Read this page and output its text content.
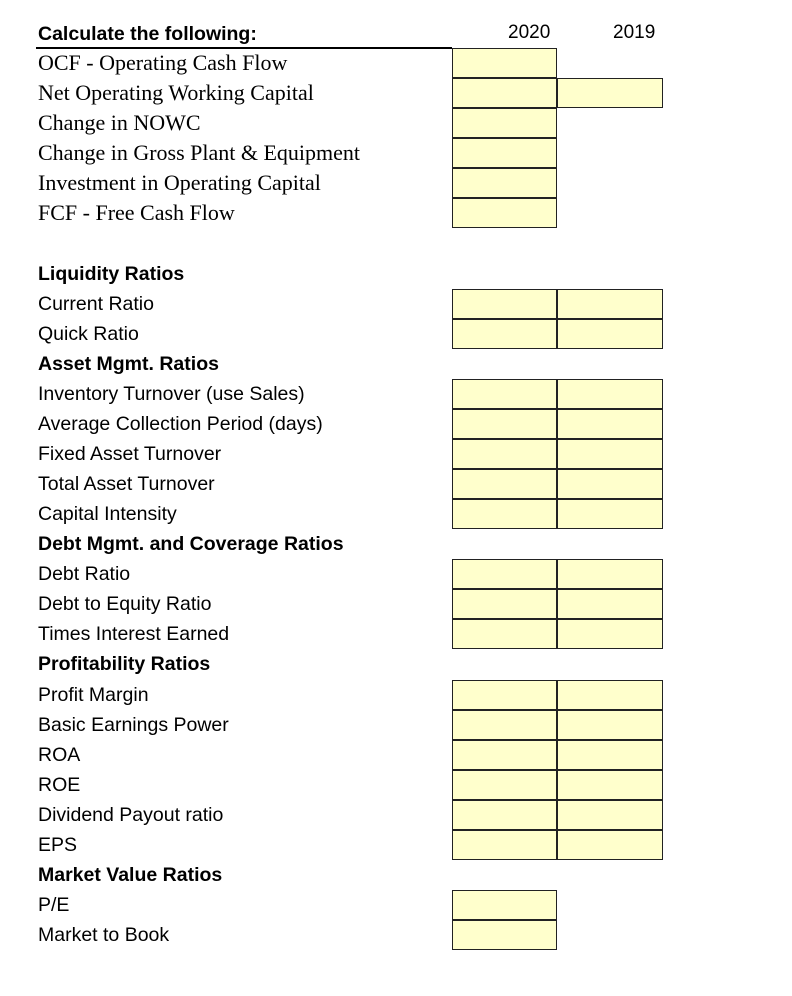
Calculate the following:	2020	2019
OCF - Operating Cash Flow
Net Operating Working Capital
Change in NOWC
Change in Gross Plant & Equipment
Investment in Operating Capital
FCF - Free Cash Flow
Liquidity Ratios
Current Ratio
Quick Ratio
Asset Mgmt. Ratios
Inventory Turnover (use Sales)
Average Collection Period (days)
Fixed Asset Turnover
Total Asset Turnover
Capital Intensity
Debt Mgmt. and Coverage Ratios
Debt Ratio
Debt to Equity Ratio
Times Interest Earned
Profitability Ratios
Profit Margin
Basic Earnings Power
ROA
ROE
Dividend Payout ratio
EPS
Market Value Ratios
P/E
Market to Book
